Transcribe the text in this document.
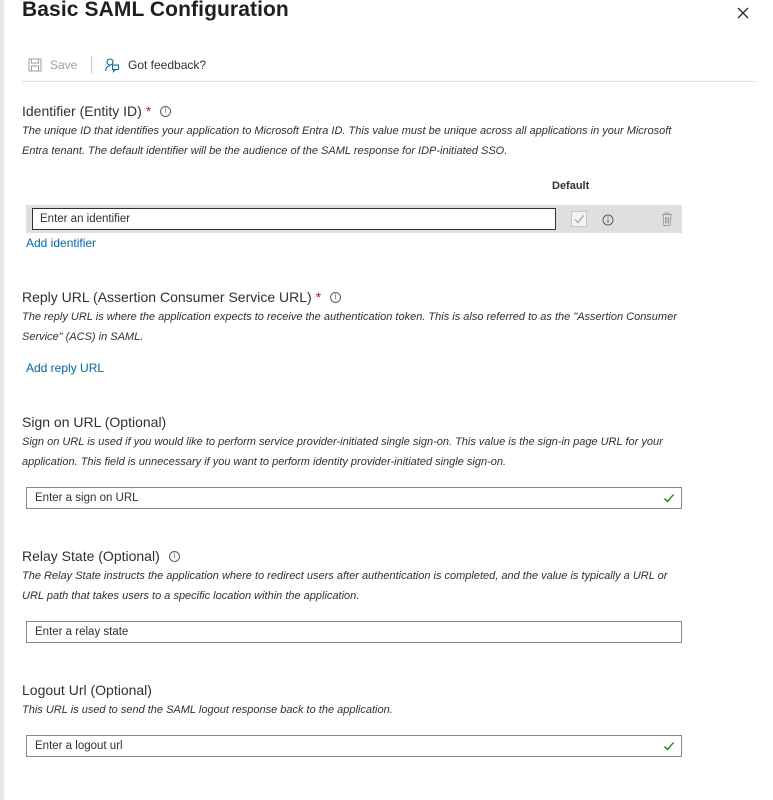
Basic SAML Configuration
Save	Got feedback?
Identifier (Entity ID) *	i
The unique ID that identifies your application to Microsoft Entra ID. This value must be unique across all applications in your Microsoft Entra tenant. The default identifier will be the audience of the SAML response for IDP-initiated SSO.
Default
Enter an identifier
Add identifier
Reply URL (Assertion Consumer Service URL) *	i
The reply URL is where the application expects to receive the authentication token. This is also referred to as the "Assertion Consumer Service" (ACS) in SAML.
Add reply URL
Sign on URL (Optional)
Sign on URL is used if you would like to perform service provider-initiated single sign-on. This value is the sign-in page URL for your application. This field is unnecessary if you want to perform identity provider-initiated single sign-on.
Enter a sign on URL
Relay State (Optional)	i
The Relay State instructs the application where to redirect users after authentication is completed, and the value is typically a URL or URL path that takes users to a specific location within the application.
Enter a relay state
Logout Url (Optional)
This URL is used to send the SAML logout response back to the application.
Enter a logout url
